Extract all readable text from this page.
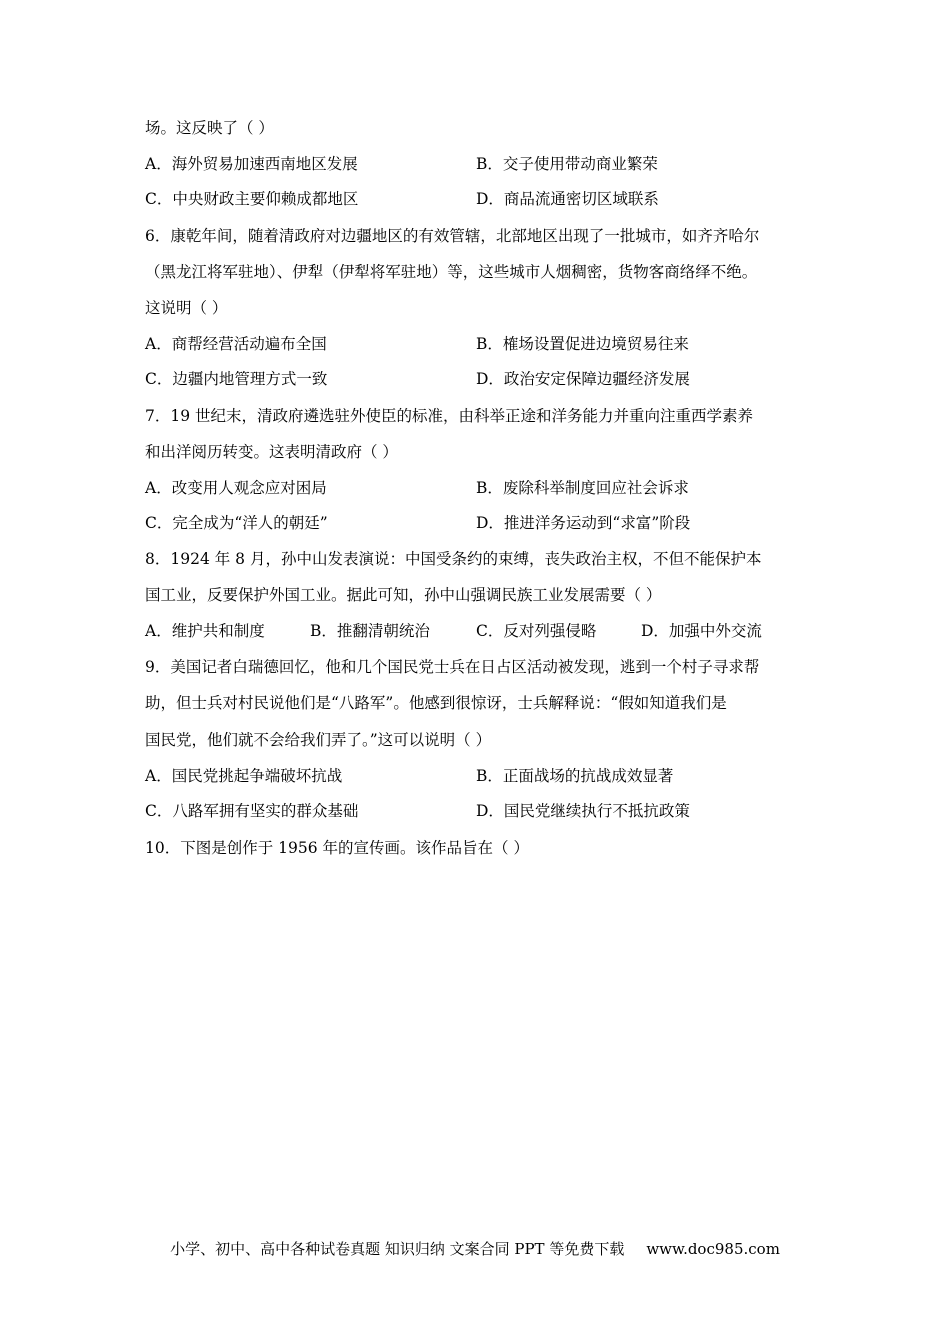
场。这反映了（ ）
A．海外贸易加速西南地区发展	B．交子使用带动商业繁荣
C．中央财政主要仰赖成都地区	D．商品流通密切区域联系
6．康乾年间，随着清政府对边疆地区的有效管辖，北部地区出现了一批城市，如齐齐哈尔
（黑龙江将军驻地）、伊犁（伊犁将军驻地）等，这些城市人烟稠密，货物客商络绎不绝。
这说明（ ）
A．商帮经营活动遍布全国	B．榷场设置促进边境贸易往来
C．边疆内地管理方式一致	D．政治安定保障边疆经济发展
7．19 世纪末，清政府遴选驻外使臣的标准，由科举正途和洋务能力并重向注重西学素养
和出洋阅历转变。这表明清政府（ ）
A．改变用人观念应对困局	B．废除科举制度回应社会诉求
C．完全成为“洋人的朝廷”	D．推进洋务运动到“求富”阶段
8．1924 年 8 月，孙中山发表演说：中国受条约的束缚，丧失政治主权，不但不能保护本
国工业，反要保护外国工业。据此可知，孙中山强调民族工业发展需要（ ）
A．维护共和制度	B．推翻清朝统治	C．反对列强侵略	D．加强中外交流
9．美国记者白瑞德回忆，他和几个国民党士兵在日占区活动被发现，逃到一个村子寻求帮
助，但士兵对村民说他们是“八路军”。他感到很惊讶，士兵解释说：“假如知道我们是
国民党，他们就不会给我们弄了。”这可以说明（ ）
A．国民党挑起争端破坏抗战	B．正面战场的抗战成效显著
C．八路军拥有坚实的群众基础	D．国民党继续执行不抵抗政策
10．下图是创作于 1956 年的宣传画。该作品旨在（ ）
小学、初中、高中各种试卷真题 知识归纳 文案合同 PPT 等免费下载 www.doc985.com
